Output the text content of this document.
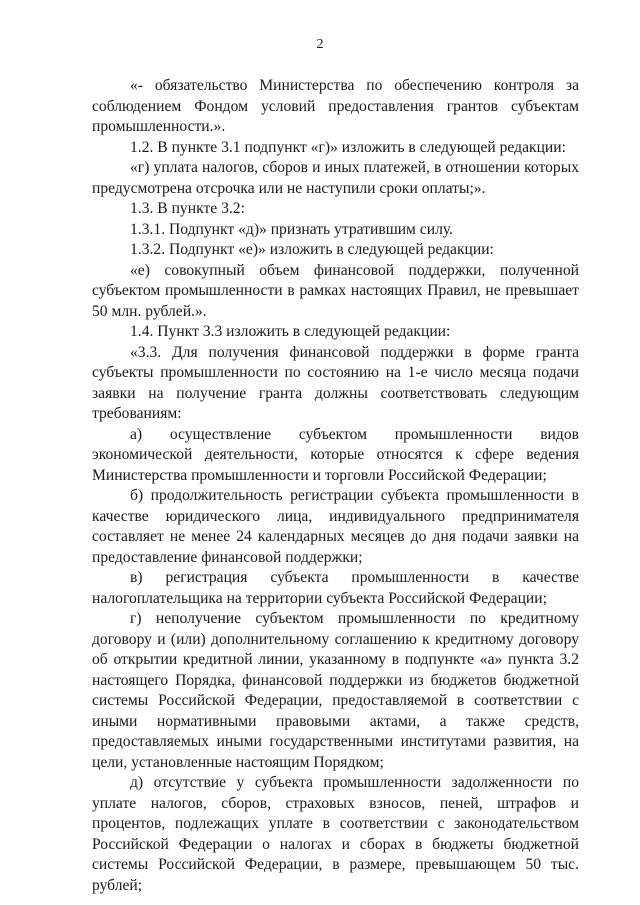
2

«- обязательство Министерства по обеспечению контроля за соблюдением Фондом условий предоставления грантов субъектам промышленности.».

1.2. В пункте 3.1 подпункт «г)» изложить в следующей редакции:

«г) уплата налогов, сборов и иных платежей, в отношении которых предусмотрена отсрочка или не наступили сроки оплаты;».

1.3. В пункте 3.2:

1.3.1. Подпункт «д)» признать утратившим силу.

1.3.2. Подпункт «е)» изложить в следующей редакции:

«е) совокупный объем финансовой поддержки, полученной субъектом промышленности в рамках настоящих Правил, не превышает 50 млн. рублей.».

1.4. Пункт 3.3 изложить в следующей редакции:

«3.3. Для получения финансовой поддержки в форме гранта субъекты промышленности по состоянию на 1-е число месяца подачи заявки на получение гранта должны соответствовать следующим требованиям:

а) осуществление субъектом промышленности видов экономической деятельности, которые относятся к сфере ведения Министерства промышленности и торговли Российской Федерации;

б) продолжительность регистрации субъекта промышленности в качестве юридического лица, индивидуального предпринимателя составляет не менее 24 календарных месяцев до дня подачи заявки на предоставление финансовой поддержки;

в) регистрация субъекта промышленности в качестве налогоплательщика на территории субъекта Российской Федерации;

г) неполучение субъектом промышленности по кредитному договору и (или) дополнительному соглашению к кредитному договору об открытии кредитной линии, указанному в подпункте «а» пункта 3.2 настоящего Порядка, финансовой поддержки из бюджетов бюджетной системы Российской Федерации, предоставляемой в соответствии с иными нормативными правовыми актами, а также средств, предоставляемых иными государственными институтами развития, на цели, установленные настоящим Порядком;

д) отсутствие у субъекта промышленности задолженности по уплате налогов, сборов, страховых взносов, пеней, штрафов и процентов, подлежащих уплате в соответствии с законодательством Российской Федерации о налогах и сборах в бюджеты бюджетной системы Российской Федерации, в размере, превышающем 50 тыс. рублей;
